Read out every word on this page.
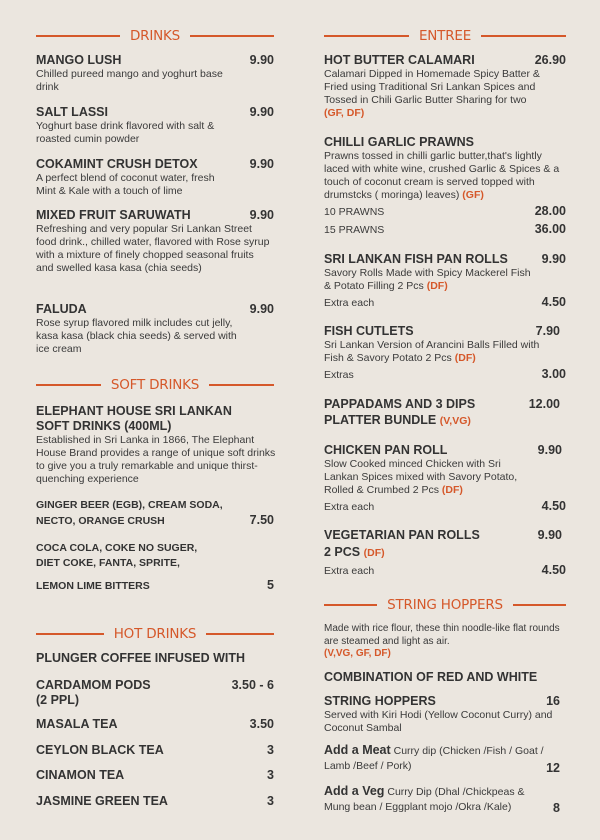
DRINKS
MANGO LUSH	9.90
Chilled pureed mango and yoghurt base drink
SALT LASSI	9.90
Yoghurt base drink flavored with salt & roasted cumin powder
COKAMINT CRUSH DETOX	9.90
A perfect blend of coconut water, fresh Mint & Kale with a touch of lime
MIXED FRUIT SARUWATH	9.90
Refreshing and very popular Sri Lankan Street food drink., chilled water, flavored with Rose syrup with a mixture of finely chopped seasonal fruits and swelled kasa kasa (chia seeds)
FALUDA	9.90
Rose syrup flavored milk includes cut jelly, kasa kasa (black chia seeds) & served with ice cream
SOFT DRINKS
ELEPHANT HOUSE SRI LANKAN
SOFT DRINKS (400ML)
Established in Sri Lanka in 1866, The Elephant House Brand provides a range of unique soft drinks to give you a truly remarkable and unique thirst-quenching experience
GINGER BEER (EGB), CREAM SODA,
NECTO, ORANGE CRUSH	7.50
COCA COLA, COKE NO SUGER,
DIET COKE, FANTA, SPRITE,
LEMON LIME BITTERS	5
HOT DRINKS
PLUNGER COFFEE INFUSED WITH
CARDAMOM PODS	3.50 - 6
(2 PPL)
MASALA TEA	3.50
CEYLON BLACK TEA	3
CINAMON TEA	3
JASMINE GREEN TEA	3
ENTREE
HOT BUTTER CALAMARI	26.90
Calamari Dipped in Homemade Spicy Batter & Fried using Traditional Sri Lankan Spices and Tossed in Chili Garlic Butter Sharing for two (GF, DF)
CHILLI GARLIC PRAWNS
Prawns tossed in chilli garlic butter,that's lightly laced with white wine, crushed Garlic & Spices & a touch of coconut cream is served topped with drumstcks ( moringa) leaves) (GF)
10 PRAWNS	28.00
15 PRAWNS	36.00
SRI LANKAN FISH PAN ROLLS	9.90
Savory Rolls Made with Spicy Mackerel Fish & Potato Filling 2 Pcs (DF)
Extra each	4.50
FISH CUTLETS	7.90
Sri Lankan Version of Arancini Balls Filled with Fish & Savory Potato 2 Pcs (DF)
Extras	3.00
PAPPADAMS AND 3 DIPS	12.00
PLATTER BUNDLE (V,VG)
CHICKEN PAN ROLL	9.90
Slow Cooked minced Chicken with Sri Lankan Spices mixed with Savory Potato, Rolled & Crumbed 2 Pcs (DF)
Extra each	4.50
VEGETARIAN PAN ROLLS	9.90
2 PCS (DF)
Extra each	4.50
STRING HOPPERS
Made with rice flour, these thin noodle-like flat rounds are steamed and light as air.
(V,VG, GF, DF)
COMBINATION OF RED AND WHITE
STRING HOPPERS	16
Served with Kiri Hodi (Yellow Coconut Curry) and Coconut Sambal
Add a Meat Curry dip (Chicken /Fish / Goat / Lamb /Beef / Pork)	12
Add a Veg Curry Dip (Dhal /Chickpeas & Mung bean / Eggplant mojo /Okra /Kale)	8
